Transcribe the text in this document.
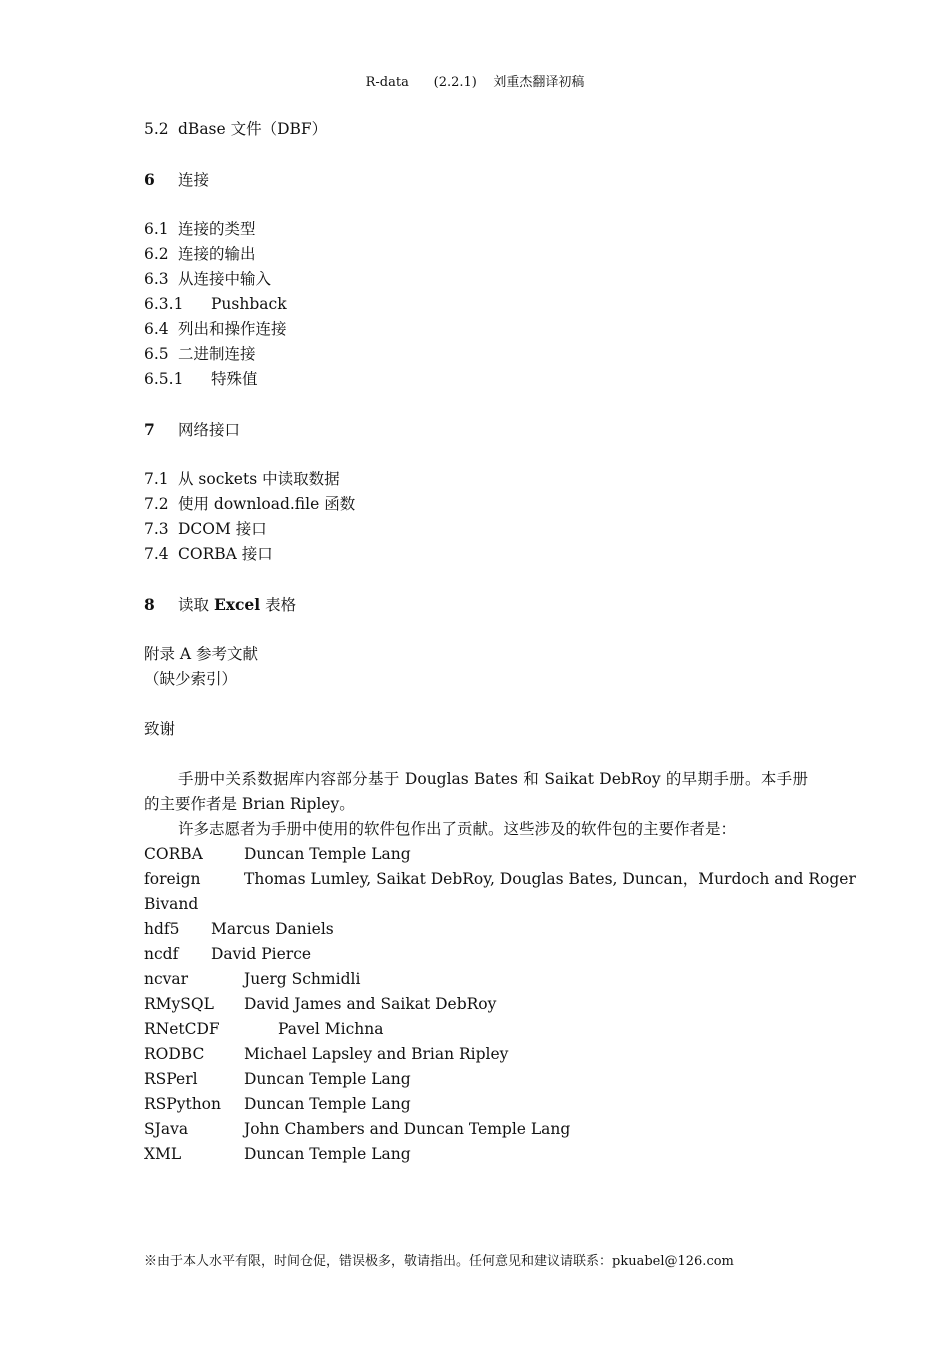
R-data      (2.2.1)    刘重杰翻译初稿
5.2 dBase 文件（DBF）
6 连接
6.1 连接的类型
6.2 连接的输出
6.3 从连接中输入
6.3.1 Pushback
6.4 列出和操作连接
6.5 二进制连接
6.5.1 特殊值
7 网络接口
7.1 从 sockets 中读取数据
7.2 使用 download.file 函数
7.3 DCOM 接口
7.4 CORBA 接口
8 读取 Excel 表格
附录 A 参考文献
（缺少索引）
致谢
手册中关系数据库内容部分基于 Douglas Bates 和 Saikat DebRoy 的早期手册。本手册的主要作者是 Brian Ripley。
许多志愿者为手册中使用的软件包作出了贡献。这些涉及的软件包的主要作者是：
CORBA	Duncan Temple Lang
foreign	Thomas Lumley, Saikat DebRoy, Douglas Bates, Duncan，Murdoch and Roger
Bivand
hdf5 Marcus Daniels
ncdf David Pierce
ncvar	Juerg Schmidli
RMySQL David James and Saikat DebRoy
RNetCDF	Pavel Michna
RODBC	Michael Lapsley and Brian Ripley
RSPerl	Duncan Temple Lang
RSPython Duncan Temple Lang
SJava	John Chambers and Duncan Temple Lang
XML	Duncan Temple Lang
※由于本人水平有限，时间仓促，错误极多，敬请指出。任何意见和建议请联系：pkuabel@126.com
